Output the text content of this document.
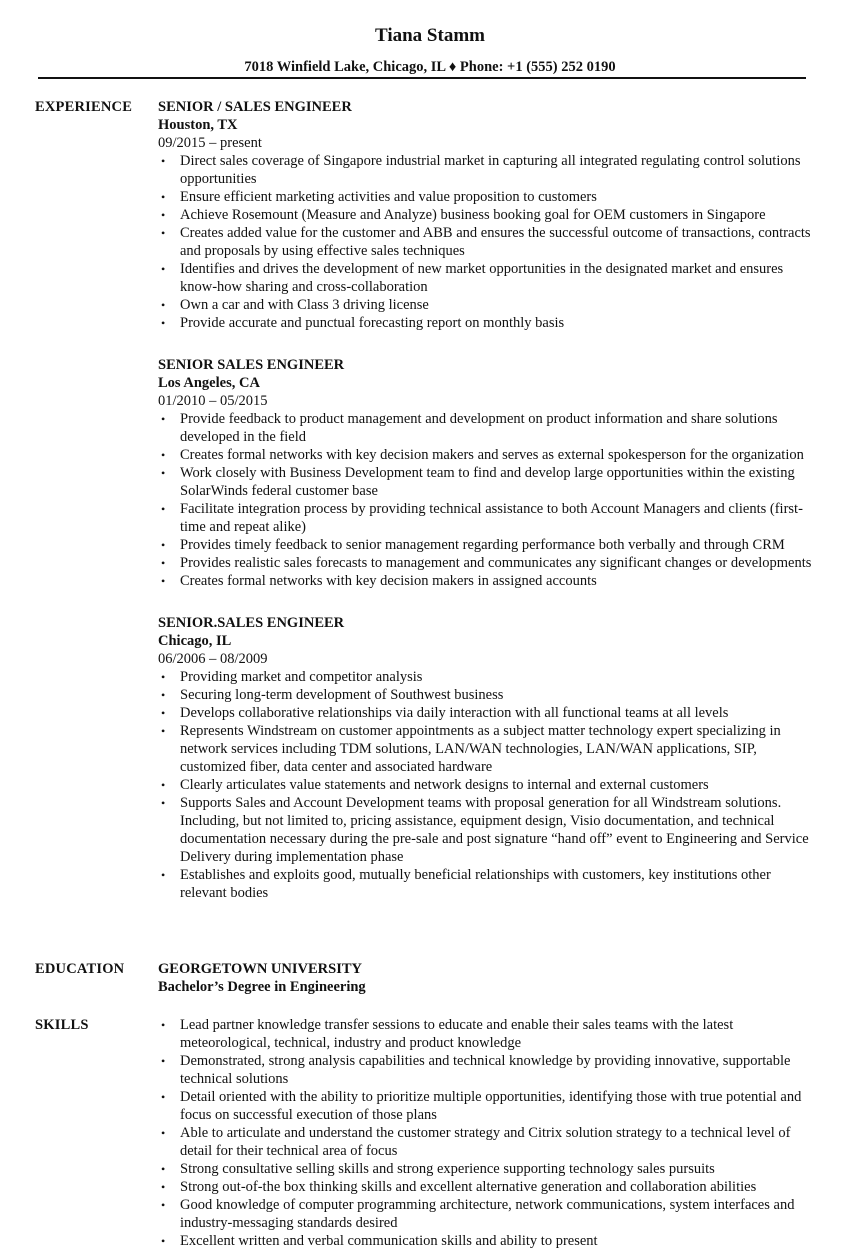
Tiana Stamm
7018 Winfield Lake, Chicago, IL ♦ Phone: +1 (555) 252 0190
EXPERIENCE SENIOR / SALES ENGINEER
Houston, TX
09/2015 – present
• Direct sales coverage of Singapore industrial market in capturing all integrated regulating control solutions opportunities
• Ensure efficient marketing activities and value proposition to customers
• Achieve Rosemount (Measure and Analyze) business booking goal for OEM customers in Singapore
• Creates added value for the customer and ABB and ensures the successful outcome of transactions, contracts and proposals by using effective sales techniques
• Identifies and drives the development of new market opportunities in the designated market and ensures know-how sharing and cross-collaboration
• Own a car and with Class 3 driving license
• Provide accurate and punctual forecasting report on monthly basis
SENIOR SALES ENGINEER
Los Angeles, CA
01/2010 – 05/2015
• Provide feedback to product management and development on product information and share solutions developed in the field
• Creates formal networks with key decision makers and serves as external spokesperson for the organization
• Work closely with Business Development team to find and develop large opportunities within the existing SolarWinds federal customer base
• Facilitate integration process by providing technical assistance to both Account Managers and clients (first-time and repeat alike)
• Provides timely feedback to senior management regarding performance both verbally and through CRM
• Provides realistic sales forecasts to management and communicates any significant changes or developments
• Creates formal networks with key decision makers in assigned accounts
SENIOR.SALES ENGINEER
Chicago, IL
06/2006 – 08/2009
• Providing market and competitor analysis
• Securing long-term development of Southwest business
• Develops collaborative relationships via daily interaction with all functional teams at all levels
• Represents Windstream on customer appointments as a subject matter technology expert specializing in network services including TDM solutions, LAN/WAN technologies, LAN/WAN applications, SIP, customized fiber, data center and associated hardware
• Clearly articulates value statements and network designs to internal and external customers
• Supports Sales and Account Development teams with proposal generation for all Windstream solutions. Including, but not limited to, pricing assistance, equipment design, Visio documentation, and technical documentation necessary during the pre-sale and post signature “hand off” event to Engineering and Service Delivery during implementation phase
• Establishes and exploits good, mutually beneficial relationships with customers, key institutions other relevant bodies
EDUCATION GEORGETOWN UNIVERSITY
Bachelor’s Degree in Engineering
SKILLS	• Lead partner knowledge transfer sessions to educate and enable their sales teams with the latest meteorological, technical, industry and product knowledge
• Demonstrated, strong analysis capabilities and technical knowledge by providing innovative, supportable technical solutions
• Detail oriented with the ability to prioritize multiple opportunities, identifying those with true potential and focus on successful execution of those plans
• Able to articulate and understand the customer strategy and Citrix solution strategy to a technical level of detail for their technical area of focus
• Strong consultative selling skills and strong experience supporting technology sales pursuits
• Strong out-of-the box thinking skills and excellent alternative generation and collaboration abilities
• Good knowledge of computer programming architecture, network communications, system interfaces and industry-messaging standards desired
• Excellent written and verbal communication skills and ability to present
